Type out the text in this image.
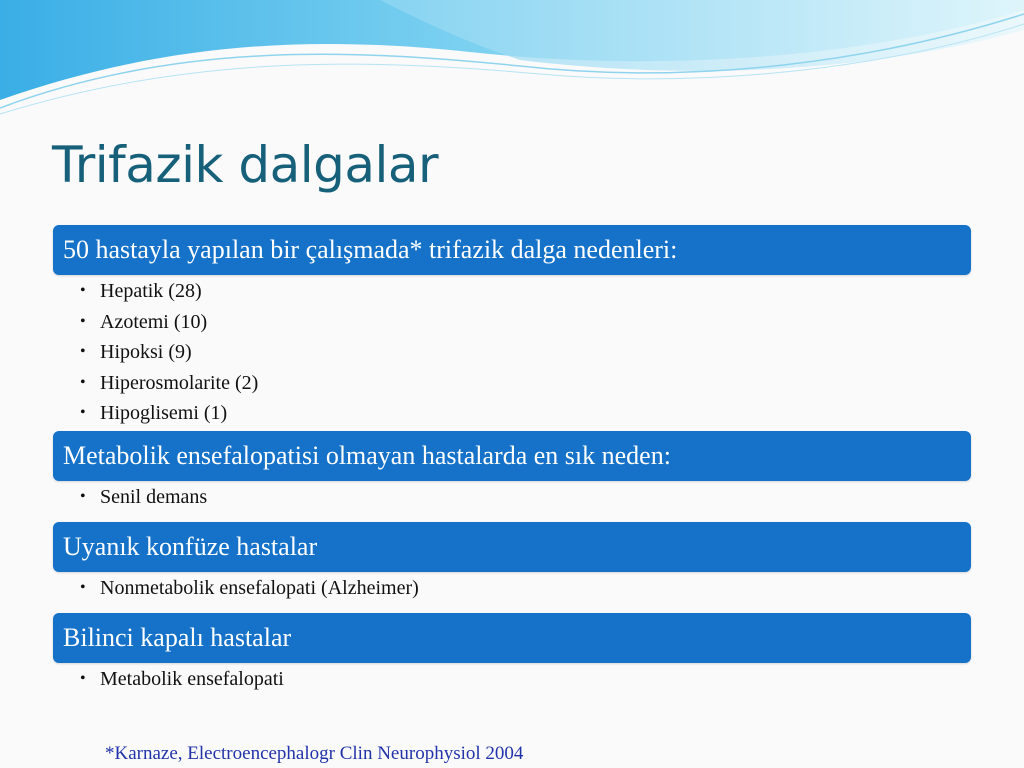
Trifazik dalgalar
50 hastayla yapılan bir çalışmada* trifazik dalga nedenleri:
• Hepatik (28)
• Azotemi (10)
• Hipoksi (9)
• Hiperosmolarite (2)
• Hipoglisemi (1)
Metabolik ensefalopatisi olmayan hastalarda en sık neden:
• Senil demans
Uyanık konfüze hastalar
• Nonmetabolik ensefalopati (Alzheimer)
Bilinci kapalı hastalar
• Metabolik ensefalopati
*Karnaze, Electroencephalogr Clin Neurophysiol 2004
